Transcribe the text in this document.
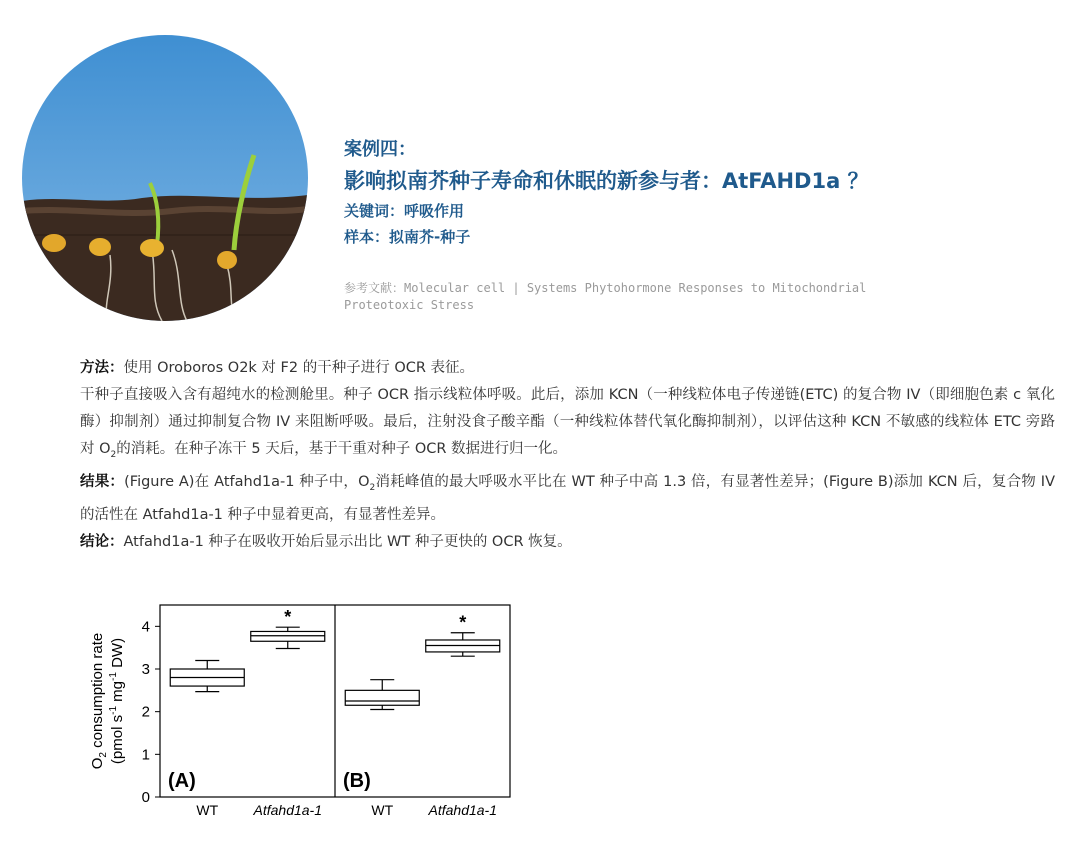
案例四：
影响拟南芥种子寿命和休眠的新参与者：AtFAHD1a ？
关键词：呼吸作用
样本：拟南芥-种子
参考文献：Molecular cell | Systems Phytohormone Responses to Mitochondrial
Proteotoxic Stress

方法：使用 Oroboros O2k 对 F2 的干种子进行 OCR 表征。

干种子直接吸入含有超纯水的检测舱里。种子 OCR 指示线粒体呼吸。此后，添加 KCN（一种线粒体电子传递链(ETC) 的复合物 IV（即细胞色素 c 氧化酶）抑制剂）通过抑制复合物 IV 来阻断呼吸。最后，注射没食子酸辛酯（一种线粒体替代氧化酶抑制剂），以评估这种 KCN 不敏感的线粒体 ETC 旁路对 $O_2$的消耗。在种子冻干 5 天后，基于干重对种子 OCR 数据进行归一化。

结果：(Figure A)在 Atfahd1a-1 种子中，$O_2$消耗峰值的最大呼吸水平比在 WT 种子中高 1.3 倍，有显著性差异；(Figure B)添加 KCN 后，复合物 IV 的活性在 Atfahd1a-1 种子中显着更高，有显著性差异。

结论：Atfahd1a-1 种子在吸收开始后显示出比 WT 种子更快的 OCR 恢复。

0
1
2
3
4
$O_2$ consumption rate (pmol $s^{-1}$ $mg^{-1}$ DW)
(A)
WT
*
Atfahd1a-1
(B)
WT
*
Atfahd1a-1
